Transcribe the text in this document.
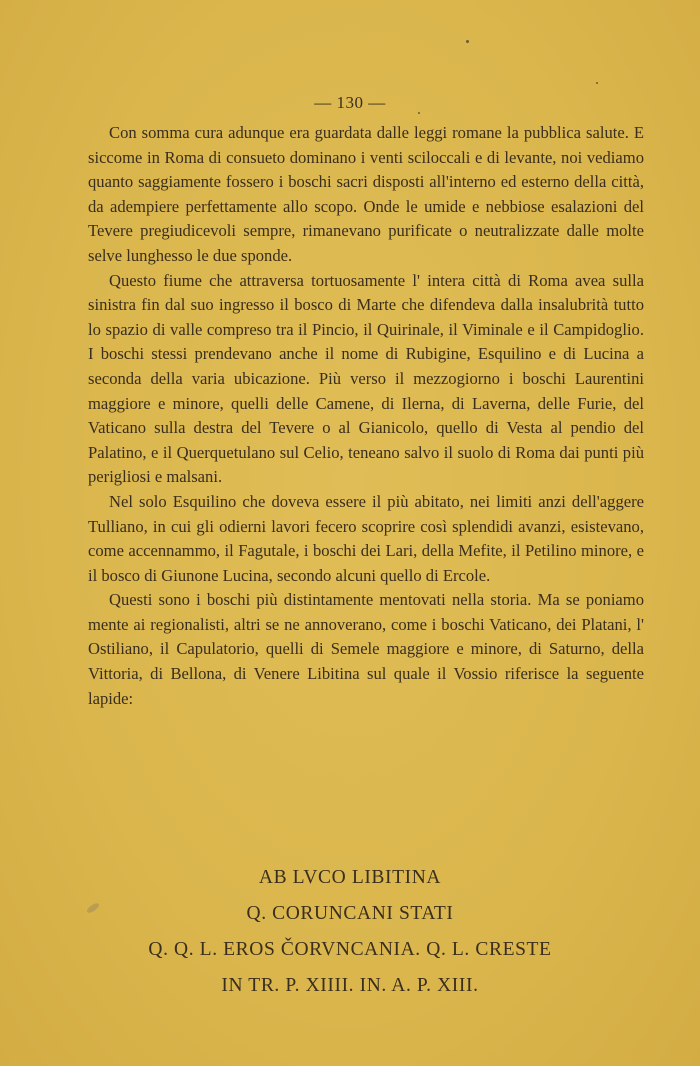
— 130 —

Con somma cura adunque era guardata dalle leggi romane la pubblica salute. E siccome in Roma di consueto dominano i venti sciloccali e di levante, noi vediamo quanto saggiamente fossero i boschi sacri disposti all'interno ed esterno della città, da adempiere perfettamente allo scopo. Onde le umide e nebbiose esalazioni del Tevere pregiudicevoli sempre, rimanevano purificate o neutralizzate dalle molte selve lunghesso le due sponde.

Questo fiume che attraversa tortuosamente l' intera città di Roma avea sulla sinistra fin dal suo ingresso il bosco di Marte che difendeva dalla insalubrità tutto lo spazio di valle compreso tra il Pincio, il Quirinale, il Viminale e il Campidoglio. I boschi stessi prendevano anche il nome di Rubigine, Esquilino e di Lucina a seconda della varia ubicazione. Più verso il mezzogiorno i boschi Laurentini maggiore e minore, quelli delle Camene, di Ilerna, di Laverna, delle Furie, del Vaticano sulla destra del Tevere o al Gianicolo, quello di Vesta al pendio del Palatino, e il Querquetulano sul Celio, teneano salvo il suolo di Roma dai punti più perigliosi e malsani.

Nel solo Esquilino che doveva essere il più abitato, nei limiti anzi dell'aggere Tulliano, in cui gli odierni lavori fecero scoprire così splendidi avanzi, esistevano, come accennammo, il Fagutale, i boschi dei Lari, della Mefite, il Petilino minore, e il bosco di Giunone Lucina, secondo alcuni quello di Ercole.

Questi sono i boschi più distintamente mentovati nella storia. Ma se poniamo mente ai regionalisti, altri se ne annoverano, come i boschi Vaticano, dei Platani, l' Ostiliano, il Capulatorio, quelli di Semele maggiore e minore, di Saturno, della Vittoria, di Bellona, di Venere Libitina sul quale il Vossio riferisce la seguente lapide:

AB LVCO LIBITINA
Q. CORUNCANI STATI
Q. Q. L. EROS ČORVNCANIA. Q. L. CRESTE
IN TR. P. XIIII. IN. A. P. XIII.
